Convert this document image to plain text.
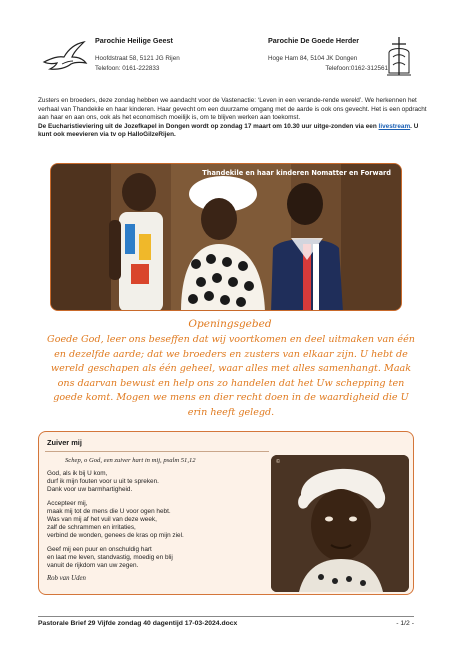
Parochie Heilige Geest
Hoofdstraat 58, 5121 JG Rijen
Telefoon: 0161-222833
Parochie De Goede Herder
Hoge Ham 84, 5104 JK Dongen
Telefoon:0162-312561

Zusters en broeders, deze zondag hebben we aandacht voor de Vastenactie: ‘Leven in een verande-rende wereld’. We herkennen het verhaal van Thandekile en haar kinderen. Haar gevecht om een duurzame omgang met de aarde is ook ons gevecht. Het is een opdracht aan haar en aan ons, ook als het economisch moeilijk is, om te blijven werken aan toekomst.

De Eucharistieviering uit de Jozefkapel in Dongen wordt op zondag 17 maart om 10.30 uur uitge-zonden via een livestream. U kunt ook meevieren via tv op HalloGilzeRijen.

Thandekile en haar kinderen Nomatter en Forward
Openingsgebed
Goede God, leer ons beseffen dat wij voortkomen en deel uitmaken van één en dezelfde aarde; dat we broeders en zusters van elkaar zijn. U hebt de wereld geschapen als één geheel, waar alles met alles samenhangt. Maak ons daarvan bewust en help ons zo handelen dat het Uw schepping ten goede komt. Mogen we mens en dier recht doen in de waardigheid die U erin heeft gelegd.
Zuiver mij
Schep, o God, een zuiver hart in mij, psalm 51,12
God, als ik bij U kom,
durf ik mijn fouten voor u uit te spreken.
Dank voor uw barmhartigheid.
Accepteer mij,
maak mij tot de mens die U voor ogen hebt.
Was van mij af het vuil van deze week,
zalf de schrammen en irritaties,
verbind de wonden, genees de kras op mijn ziel.
Geef mij een puur en onschuldig hart
en laat me leven, standvastig, moedig en blij
vanuit de rijkdom van uw zegen.
Rob van Uden
©
Pastorale Brief 29 Vijfde zondag 40 dagentijd 17-03-2024.docx	- 1/2 -
